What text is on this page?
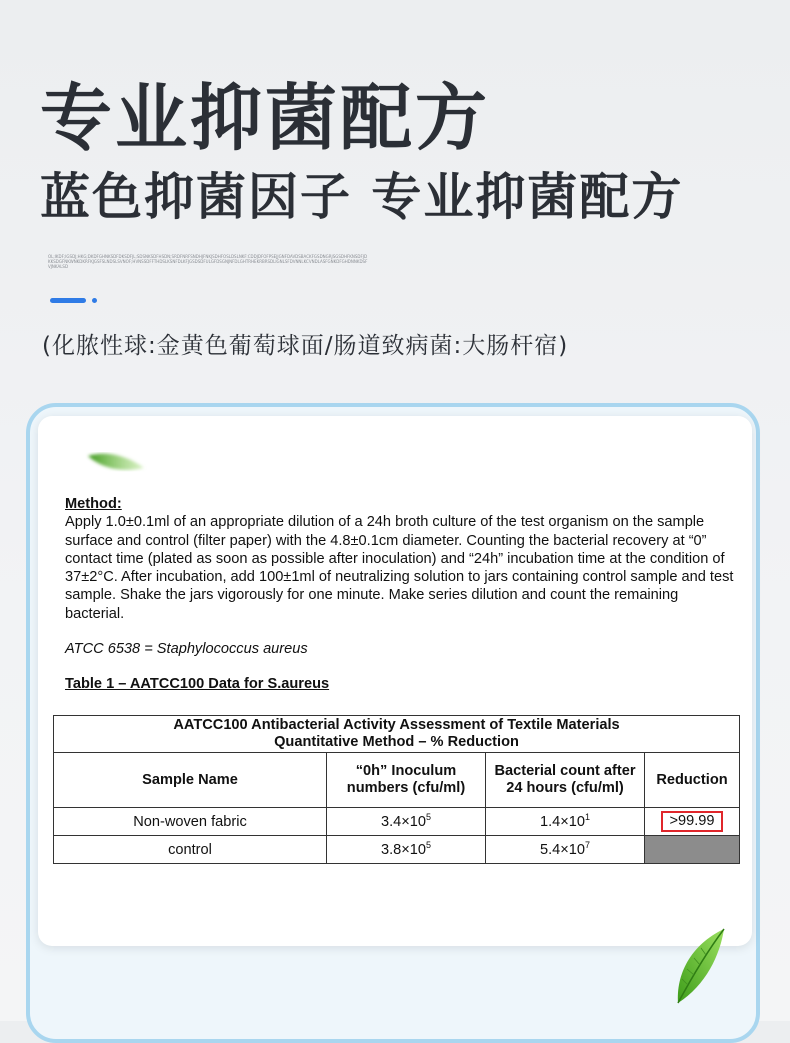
专业抑菌配方
蓝色抑菌因子 专业抑菌配方
OL;IKDF;IGSDJ;HKG;DKDFGHNKSDFDKSDFJL;SDSNKSDFHSDN;SRDFNRFSNDHJFNKJSDHFOSLDSLNKF:CDDJDFOFPSEJJGNFDAVDSBACKFGSDNGRJSGSDHFKNSDFJDKKSDGFNKWNKDKRFKJGSFSLNDSLSVNOF;HVNSSDFFTHDSLKSNFDLKFJGSDSDFULGFDSGNJNFDLGHTRHEKRBRSDLIGNLSFDVNNLKCVNDLASFGNKDFGHDNNKDSFVJNKALSD
(化脓性球:金黄色葡萄球面/肠道致病菌:大肠杆宿)

Method:

Apply 1.0±0.1ml of an appropriate dilution of a 24h broth culture of the test organism on the sample surface and control (filter paper) with the 4.8±0.1cm diameter. Counting the bacterial recovery at “0” contact time (plated as soon as possible after inoculation) and “24h” incubation time at the condition of 37±2°C. After incubation, add 100±1ml of neutralizing solution to jars containing control sample and test sample. Shake the jars vigorously for one minute. Make series dilution and count the remaining bacterial.

ATCC 6538 = Staphylococcus aureus

Table 1 – AATCC100 Data for S.aureus

AATCC100 Antibacterial Activity Assessment of Textile Materials
Quantitative Method – % Reduction			
Sample Name	“0h” Inoculum numbers (cfu/ml)	Bacterial count after 24 hours (cfu/ml)	Reduction
Non-woven fabric	$3.4\times 10^5$	$1.4\times 10^1$	>99.99
control	$3.8\times 10^5$	$5.4\times 10^7$	
